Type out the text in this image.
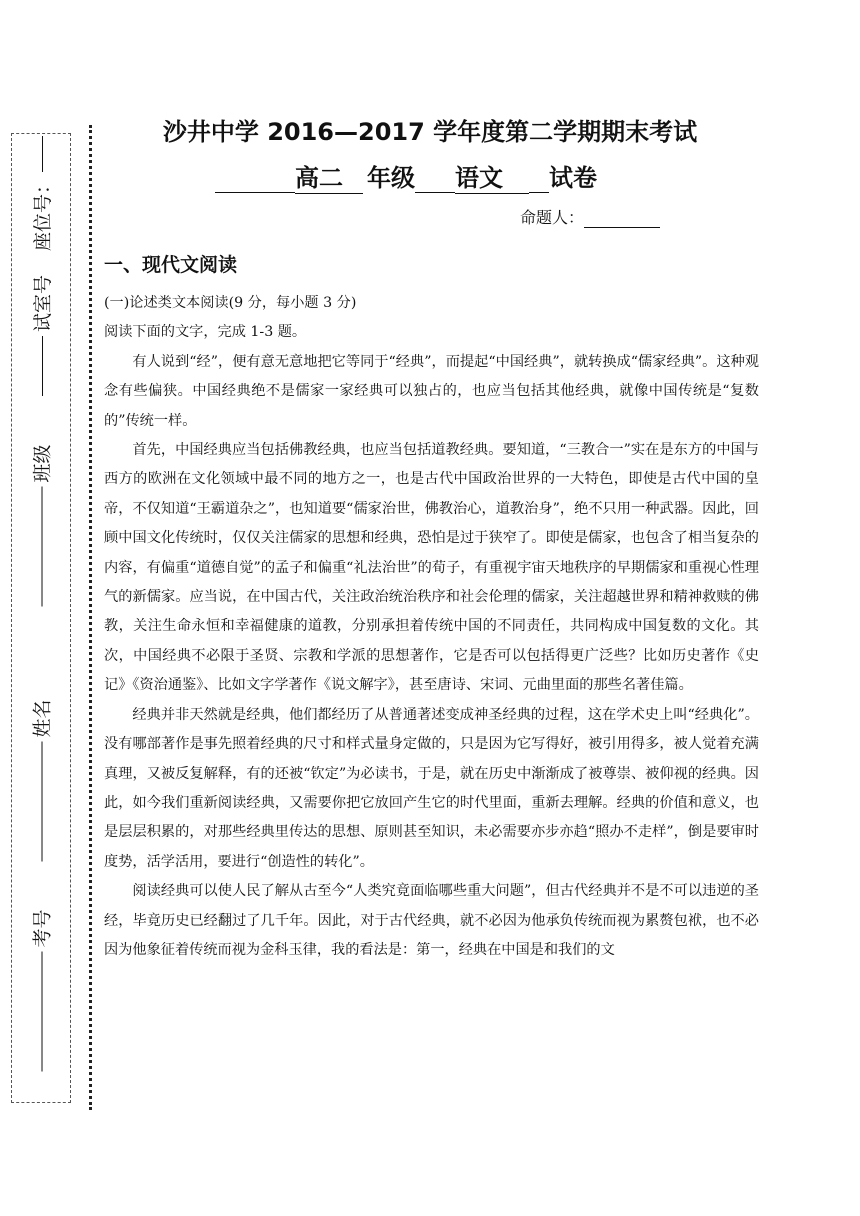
座位号：
试室号
班级
姓名
考号
沙井中学 2016—2017 学年度第二学期期末考试
高二 年级 语文 试卷
命题人：
一、现代文阅读

(一)论述类文本阅读(9 分，每小题 3 分)

阅读下面的文字，完成 1-3 题。

有人说到“经”，便有意无意地把它等同于“经典”，而提起“中国经典”，就转换成“儒家经典”。这种观念有些偏狭。中国经典绝不是儒家一家经典可以独占的，也应当包括其他经典，就像中国传统是“复数的”传统一样。

首先，中国经典应当包括佛教经典，也应当包括道教经典。要知道，“三教合一”实在是东方的中国与西方的欧洲在文化领域中最不同的地方之一，也是古代中国政治世界的一大特色，即使是古代中国的皇帝，不仅知道“王霸道杂之”，也知道要“儒家治世，佛教治心，道教治身”，绝不只用一种武器。因此，回顾中国文化传统时，仅仅关注儒家的思想和经典，恐怕是过于狭窄了。即使是儒家，也包含了相当复杂的内容，有偏重“道德自觉”的孟子和偏重“礼法治世”的荀子，有重视宇宙天地秩序的早期儒家和重视心性理气的新儒家。应当说，在中国古代，关注政治统治秩序和社会伦理的儒家，关注超越世界和精神救赎的佛教，关注生命永恒和幸福健康的道教，分别承担着传统中国的不同责任，共同构成中国复数的文化。其次，中国经典不必限于圣贤、宗教和学派的思想著作，它是否可以包括得更广泛些？比如历史著作《史记》《资治通鉴》、比如文字学著作《说文解字》，甚至唐诗、宋词、元曲里面的那些名著佳篇。

经典并非天然就是经典，他们都经历了从普通著述变成神圣经典的过程，这在学术史上叫“经典化”。没有哪部著作是事先照着经典的尺寸和样式量身定做的，只是因为它写得好，被引用得多，被人觉着充满真理，又被反复解释，有的还被“钦定”为必读书，于是，就在历史中渐渐成了被尊崇、被仰视的经典。因此，如今我们重新阅读经典，又需要你把它放回产生它的时代里面，重新去理解。经典的价值和意义，也是层层积累的，对那些经典里传达的思想、原则甚至知识，未必需要亦步亦趋“照办不走样”，倒是要审时度势，活学活用，要进行“创造性的转化”。

阅读经典可以使人民了解从古至今“人类究竟面临哪些重大问题”，但古代经典并不是不可以违逆的圣经，毕竟历史已经翻过了几千年。因此，对于古代经典，就不必因为他承负传统而视为累赘包袱，也不必因为他象征着传统而视为金科玉律，我的看法是：第一，经典在中国是和我们的文
